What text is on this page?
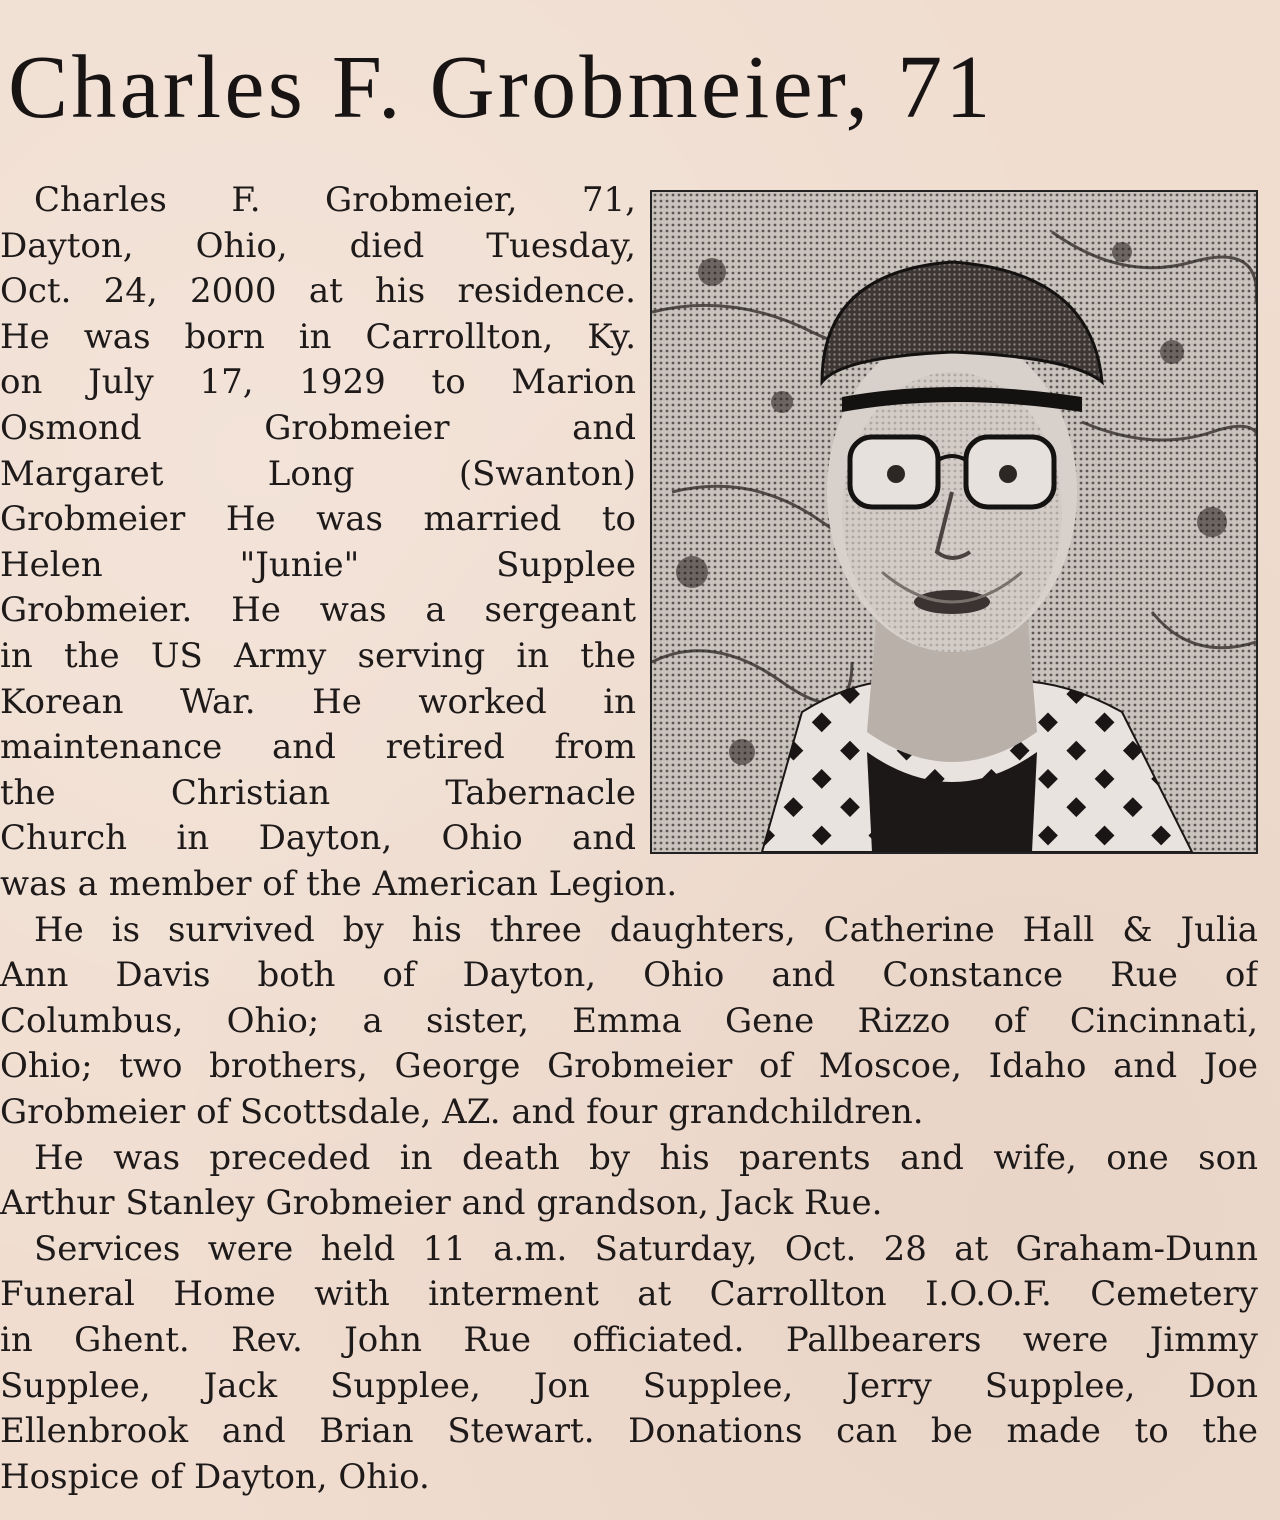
Charles F. Grobmeier, 71
Charles F. Grobmeier, 71,
Dayton, Ohio, died Tuesday,
Oct. 24, 2000 at his residence.
He was born in Carrollton, Ky.
on July 17, 1929 to Marion
Osmond Grobmeier and
Margaret Long (Swanton)
Grobmeier He was married to
Helen "Junie" Supplee
Grobmeier. He was a sergeant
in the US Army serving in the
Korean War. He worked in
maintenance and retired from
the Christian Tabernacle
Church in Dayton, Ohio and
was a member of the American Legion.
He is survived by his three daughters, Catherine Hall & Julia
Ann Davis both of Dayton, Ohio and Constance Rue of
Columbus, Ohio; a sister, Emma Gene Rizzo of Cincinnati,
Ohio; two brothers, George Grobmeier of Moscoe, Idaho and Joe
Grobmeier of Scottsdale, AZ. and four grandchildren.
He was preceded in death by his parents and wife, one son
Arthur Stanley Grobmeier and grandson, Jack Rue.
Services were held 11 a.m. Saturday, Oct. 28 at Graham-Dunn
Funeral Home with interment at Carrollton I.O.O.F. Cemetery
in Ghent. Rev. John Rue officiated. Pallbearers were Jimmy
Supplee, Jack Supplee, Jon Supplee, Jerry Supplee, Don
Ellenbrook and Brian Stewart. Donations can be made to the
Hospice of Dayton, Ohio.
